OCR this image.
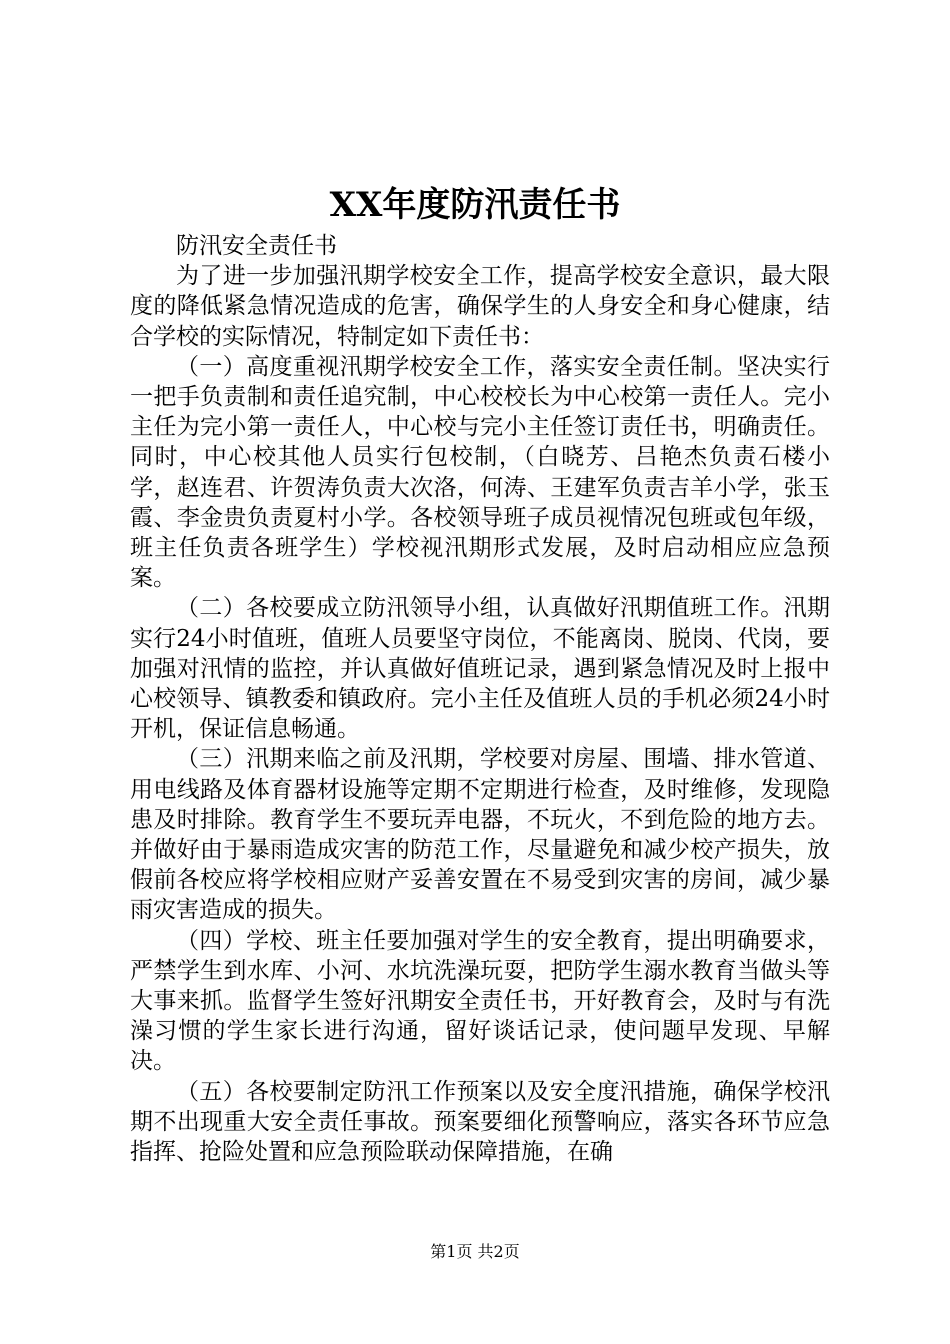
XX年度防汛责任书

防汛安全责任书

为了进一步加强汛期学校安全工作，提高学校安全意识，最大限度的降低紧急情况造成的危害，确保学生的人身安全和身心健康，结合学校的实际情况，特制定如下责任书：

（一）高度重视汛期学校安全工作，落实安全责任制。坚决实行一把手负责制和责任追究制，中心校校长为中心校第一责任人。完小主任为完小第一责任人，中心校与完小主任签订责任书，明确责任。同时，中心校其他人员实行包校制，（白晓芳、吕艳杰负责石楼小学，赵连君、许贺涛负责大次洛，何涛、王建军负责吉羊小学，张玉霞、李金贵负责夏村小学。各校领导班子成员视情况包班或包年级，班主任负责各班学生）学校视汛期形式发展，及时启动相应应急预案。

（二）各校要成立防汛领导小组，认真做好汛期值班工作。汛期实行24小时值班，值班人员要坚守岗位，不能离岗、脱岗、代岗，要加强对汛情的监控，并认真做好值班记录，遇到紧急情况及时上报中心校领导、镇教委和镇政府。完小主任及值班人员的手机必须24小时开机，保证信息畅通。

（三）汛期来临之前及汛期，学校要对房屋、围墙、排水管道、用电线路及体育器材设施等定期不定期进行检查，及时维修，发现隐患及时排除。教育学生不要玩弄电器，不玩火，不到危险的地方去。并做好由于暴雨造成灾害的防范工作，尽量避免和减少校产损失，放假前各校应将学校相应财产妥善安置在不易受到灾害的房间，减少暴雨灾害造成的损失。

（四）学校、班主任要加强对学生的安全教育，提出明确要求，严禁学生到水库、小河、水坑洗澡玩耍，把防学生溺水教育当做头等大事来抓。监督学生签好汛期安全责任书，开好教育会，及时与有洗澡习惯的学生家长进行沟通，留好谈话记录，使问题早发现、早解决。

（五）各校要制定防汛工作预案以及安全度汛措施，确保学校汛期不出现重大安全责任事故。预案要细化预警响应，落实各环节应急指挥、抢险处置和应急预险联动保障措施，在确

第1页 共2页
